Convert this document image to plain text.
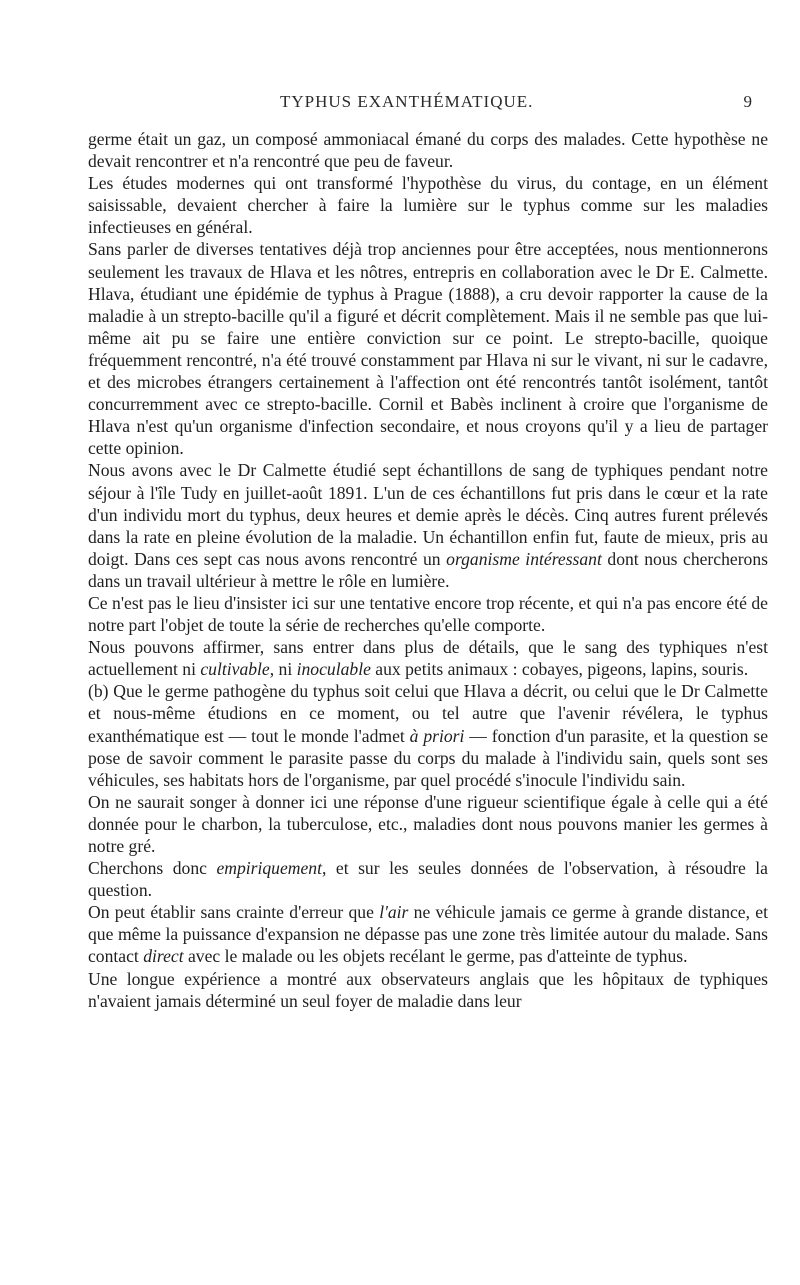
TYPHUS EXANTHÉMATIQUE.	9

germe était un gaz, un composé ammoniacal émané du corps des malades. Cette hypothèse ne devait rencontrer et n'a rencontré que peu de faveur.

Les études modernes qui ont transformé l'hypothèse du virus, du contage, en un élément saisissable, devaient chercher à faire la lumière sur le typhus comme sur les maladies infectieuses en général.

Sans parler de diverses tentatives déjà trop anciennes pour être acceptées, nous mentionnerons seulement les travaux de Hlava et les nôtres, entrepris en collaboration avec le Dr E. Calmette. Hlava, étudiant une épidémie de typhus à Prague (1888), a cru devoir rapporter la cause de la maladie à un strepto-bacille qu'il a figuré et décrit complètement. Mais il ne semble pas que lui-même ait pu se faire une entière conviction sur ce point. Le strepto-bacille, quoique fréquemment rencontré, n'a été trouvé constamment par Hlava ni sur le vivant, ni sur le cadavre, et des microbes étrangers certainement à l'affection ont été rencontrés tantôt isolément, tantôt concurremment avec ce strepto-bacille. Cornil et Babès inclinent à croire que l'organisme de Hlava n'est qu'un organisme d'infection secondaire, et nous croyons qu'il y a lieu de partager cette opinion.

Nous avons avec le Dr Calmette étudié sept échantillons de sang de typhiques pendant notre séjour à l'île Tudy en juillet-août 1891. L'un de ces échantillons fut pris dans le cœur et la rate d'un individu mort du typhus, deux heures et demie après le décès. Cinq autres furent prélevés dans la rate en pleine évolution de la maladie. Un échantillon enfin fut, faute de mieux, pris au doigt. Dans ces sept cas nous avons rencontré un organisme intéressant dont nous chercherons dans un travail ultérieur à mettre le rôle en lumière.

Ce n'est pas le lieu d'insister ici sur une tentative encore trop récente, et qui n'a pas encore été de notre part l'objet de toute la série de recherches qu'elle comporte.

Nous pouvons affirmer, sans entrer dans plus de détails, que le sang des typhiques n'est actuellement ni cultivable, ni inoculable aux petits animaux : cobayes, pigeons, lapins, souris.

(b) Que le germe pathogène du typhus soit celui que Hlava a décrit, ou celui que le Dr Calmette et nous-même étudions en ce moment, ou tel autre que l'avenir révélera, le typhus exanthématique est — tout le monde l'admet à priori — fonction d'un parasite, et la question se pose de savoir comment le parasite passe du corps du malade à l'individu sain, quels sont ses véhicules, ses habitats hors de l'organisme, par quel procédé s'inocule l'individu sain.

On ne saurait songer à donner ici une réponse d'une rigueur scientifique égale à celle qui a été donnée pour le charbon, la tuberculose, etc., maladies dont nous pouvons manier les germes à notre gré.

Cherchons donc empiriquement, et sur les seules données de l'observation, à résoudre la question.

On peut établir sans crainte d'erreur que l'air ne véhicule jamais ce germe à grande distance, et que même la puissance d'expansion ne dépasse pas une zone très limitée autour du malade. Sans contact direct avec le malade ou les objets recélant le germe, pas d'atteinte de typhus.

Une longue expérience a montré aux observateurs anglais que les hôpitaux de typhiques n'avaient jamais déterminé un seul foyer de maladie dans leur
